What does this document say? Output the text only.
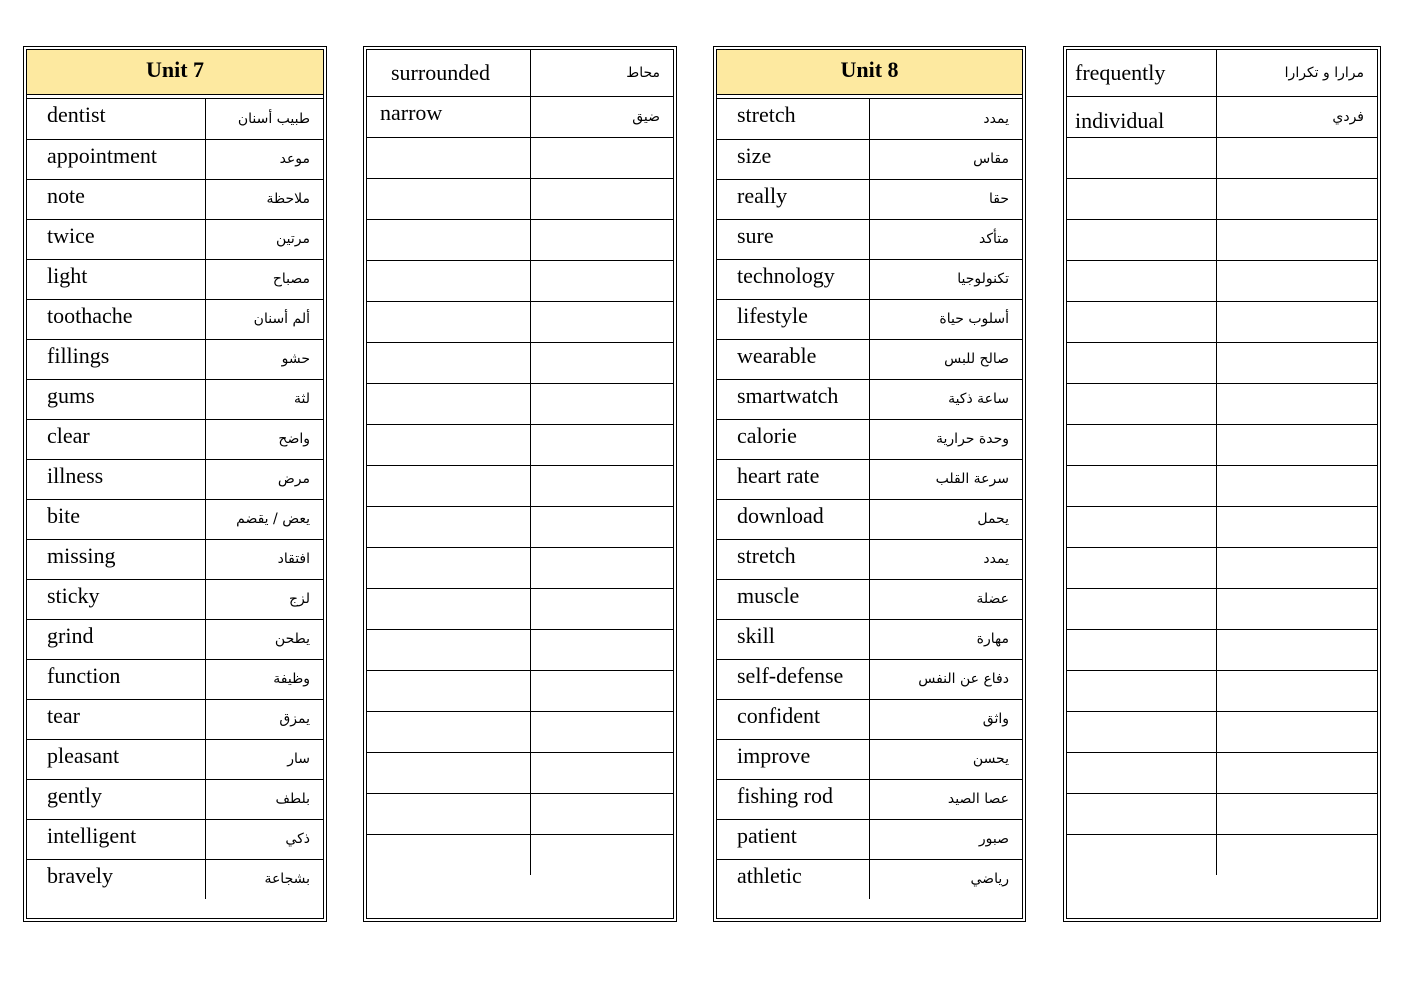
Unit 7
dentist	طبيب أسنان
appointment	موعد
note	ملاحظة
twice	مرتين
light	مصباح
toothache	ألم أسنان
fillings	حشو
gums	لثة
clear	واضح
illness	مرض
bite	يعض / يقضم
missing	افتقاد
sticky	لزج
grind	يطحن
function	وظيفة
tear	يمزق
pleasant	سار
gently	بلطف
intelligent	ذكي
bravely	بشجاعة
surrounded	محاط
narrow	ضيق

Unit 8
stretch	يمدد
size	مقاس
really	حقا
sure	متأكد
technology	تكنولوجيا
lifestyle	أسلوب حياة
wearable	صالح للبس
smartwatch	ساعة ذكية
calorie	وحدة حرارية
heart rate	سرعة القلب
download	يحمل
stretch	يمدد
muscle	عضلة
skill	مهارة
self-defense	دفاع عن النفس
confident	واثق
improve	يحسن
fishing rod	عصا الصيد
patient	صبور
athletic	رياضي
frequently	مرارا و تكرارا
individual	فردي
